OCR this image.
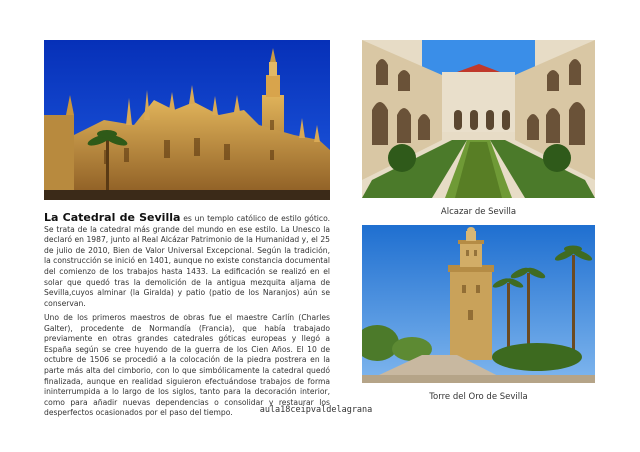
Alcazar de Sevilla
Torre del Oro de Sevilla
La Catedral de Sevilla es un templo católico de estilo gótico. Se trata de la catedral más grande del mundo en ese estilo. La Unesco la declaró en 1987, junto al Real Alcázar Patrimonio de la Humanidad y, el 25 de julio de 2010, Bien de Valor Universal Excepcional. Según la tradición, la construcción se inició en 1401, aunque no existe constancia documental del comienzo de los trabajos hasta 1433. La edificación se realizó en el solar que quedó tras la demolición de la antigua mezquita aljama de Sevilla,cuyos alminar (la Giralda) y patio (patio de los Naranjos) aún se conservan.
Uno de los primeros maestros de obras fue el maestre Carlín (Charles Galter), procedente de Normandía (Francia), que había trabajado previamente en otras grandes catedrales góticas europeas y llegó a España según se cree huyendo de la guerra de los Cien Años. El 10 de octubre de 1506 se procedió a la colocación de la piedra postrera en la parte más alta del cimborio, con lo que simbólicamente la catedral quedó finalizada, aunque en realidad siguieron efectuándose trabajos de forma ininterrumpida a lo largo de los siglos, tanto para la decoración interior, como para añadir nuevas dependencias o consolidar y restaurar los desperfectos ocasionados por el paso del tiempo.	aula18ceipvaldelagrana
